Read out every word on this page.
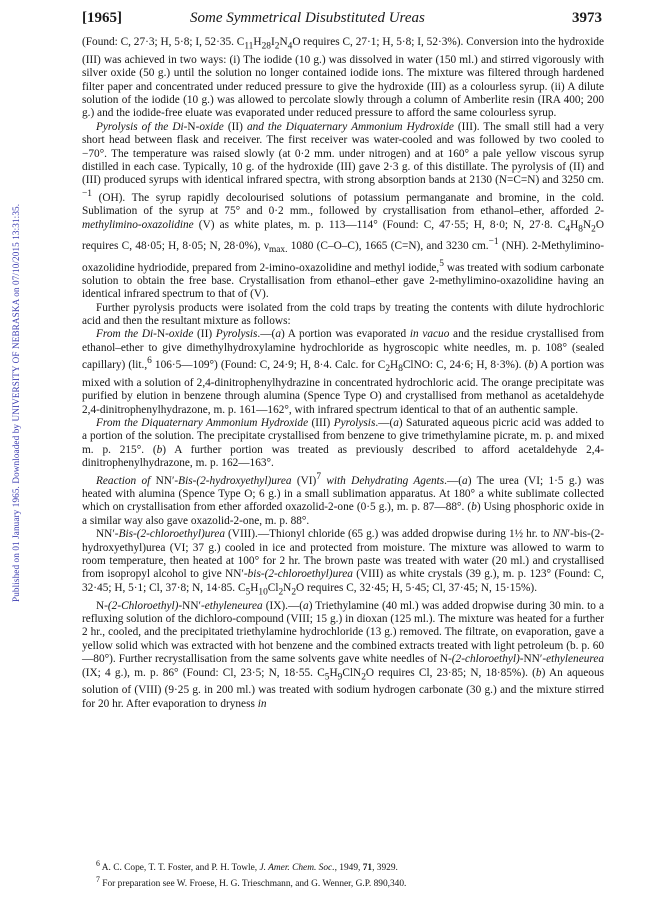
Published on 01 January 1965. Downloaded by UNIVERSITY OF NEBRASKA on 07/10/2015 13:31:35.
[1965]	Some Symmetrical Disubstituted Ureas	3973

(Found: C, 27·3; H, 5·8; I, 52·35. $C_{11}H_{28}I_2N_4O$ requires C, 27·1; H, 5·8; I, 52·3%). Conversion into the hydroxide (III) was achieved in two ways: (i) The iodide (10 g.) was dissolved in water (150 ml.) and stirred vigorously with silver oxide (50 g.) until the solution no longer contained iodide ions. The mixture was filtered through hardened filter paper and concentrated under reduced pressure to give the hydroxide (III) as a colourless syrup. (ii) A dilute solution of the iodide (10 g.) was allowed to percolate slowly through a column of Amberlite resin (IRA 400; 200 g.) and the iodide-free eluate was evaporated under reduced pressure to afford the same colourless syrup.

Pyrolysis of the Di-N-oxide (II) and the Diquaternary Ammonium Hydroxide (III). The small still had a very short head between flask and receiver. The first receiver was water-cooled and was followed by two cooled to −70°. The temperature was raised slowly (at 0·2 mm. under nitrogen) and at 160° a pale yellow viscous syrup distilled in each case. Typically, 10 g. of the hydroxide (III) gave 2·3 g. of this distillate. The pyrolysis of (II) and (III) produced syrups with identical infrared spectra, with strong absorption bands at 2130 (N=C=N) and 3250 cm.$^{-1}$ (OH). The syrup rapidly decolourised solutions of potassium permanganate and bromine, in the cold. Sublimation of the syrup at 75° and 0·2 mm., followed by crystallisation from ethanol–ether, afforded 2-methylimino-oxazolidine (V) as white plates, m. p. 113—114° (Found: C, 47·55; H, 8·0; N, 27·8. $C_4H_8N_2O$ requires C, 48·05; H, 8·05; N, 28·0%), $\nu_{max.}$ 1080 (C–O–C), 1665 (C=N), and 3230 cm.$^{-1}$ (NH). 2-Methylimino-oxazolidine hydriodide, prepared from 2-imino-oxazolidine and methyl iodide,$^5$ was treated with sodium carbonate solution to obtain the free base. Crystallisation from ethanol–ether gave 2-methylimino-oxazolidine having an identical infrared spectrum to that of (V).

Further pyrolysis products were isolated from the cold traps by treating the contents with dilute hydrochloric acid and then the resultant mixture as follows:

From the Di-N-oxide (II) Pyrolysis.—(a) A portion was evaporated in vacuo and the residue crystallised from ethanol–ether to give dimethylhydroxylamine hydrochloride as hygroscopic white needles, m. p. 108° (sealed capillary) (lit.,$^6$ 106·5—109°) (Found: C, 24·9; H, 8·4. Calc. for $C_2H_8ClNO$: C, 24·6; H, 8·3%). (b) A portion was mixed with a solution of 2,4-dinitrophenylhydrazine in concentrated hydrochloric acid. The orange precipitate was purified by elution in benzene through alumina (Spence Type O) and crystallised from methanol as acetaldehyde 2,4-dinitrophenylhydrazone, m. p. 161—162°, with infrared spectrum identical to that of an authentic sample.

From the Diquaternary Ammonium Hydroxide (III) Pyrolysis.—(a) Saturated aqueous picric acid was added to a portion of the solution. The precipitate crystallised from benzene to give trimethylamine picrate, m. p. and mixed m. p. 215°. (b) A further portion was treated as previously described to afford acetaldehyde 2,4-dinitrophenylhydrazone, m. p. 162—163°.

Reaction of NN′-Bis-(2-hydroxyethyl)urea (VI)$^7$ with Dehydrating Agents.—(a) The urea (VI; 1·5 g.) was heated with alumina (Spence Type O; 6 g.) in a small sublimation apparatus. At 180° a white sublimate collected which on crystallisation from ether afforded oxazolid-2-one (0·5 g.), m. p. 87—88°. (b) Using phosphoric oxide in a similar way also gave oxazolid-2-one, m. p. 88°.

NN′-Bis-(2-chloroethyl)urea (VIII).—Thionyl chloride (65 g.) was added dropwise during 1½ hr. to NN′-bis-(2-hydroxyethyl)urea (VI; 37 g.) cooled in ice and protected from moisture. The mixture was allowed to warm to room temperature, then heated at 100° for 2 hr. The brown paste was treated with water (20 ml.) and crystallised from isopropyl alcohol to give NN′-bis-(2-chloroethyl)urea (VIII) as white crystals (39 g.), m. p. 123° (Found: C, 32·45; H, 5·1; Cl, 37·8; N, 14·85. $C_5H_{10}Cl_2N_2O$ requires C, 32·45; H, 5·45; Cl, 37·45; N, 15·15%).

N-(2-Chloroethyl)-NN′-ethyleneurea (IX).—(a) Triethylamine (40 ml.) was added dropwise during 30 min. to a refluxing solution of the dichloro-compound (VIII; 15 g.) in dioxan (125 ml.). The mixture was heated for a further 2 hr., cooled, and the precipitated triethylamine hydrochloride (13 g.) removed. The filtrate, on evaporation, gave a yellow solid which was extracted with hot benzene and the combined extracts treated with light petroleum (b. p. 60—80°). Further recrystallisation from the same solvents gave white needles of N-(2-chloroethyl)-NN′-ethyleneurea (IX; 4 g.), m. p. 86° (Found: Cl, 23·5; N, 18·55. $C_5H_9ClN_2O$ requires Cl, 23·85; N, 18·85%). (b) An aqueous solution of (VIII) (9·25 g. in 200 ml.) was treated with sodium hydrogen carbonate (30 g.) and the mixture stirred for 20 hr. After evaporation to dryness in

$^6$ A. C. Cope, T. T. Foster, and P. H. Towle, J. Amer. Chem. Soc., 1949, 71, 3929.
$^7$ For preparation see W. Froese, H. G. Trieschmann, and G. Wenner, G.P. 890,340.
